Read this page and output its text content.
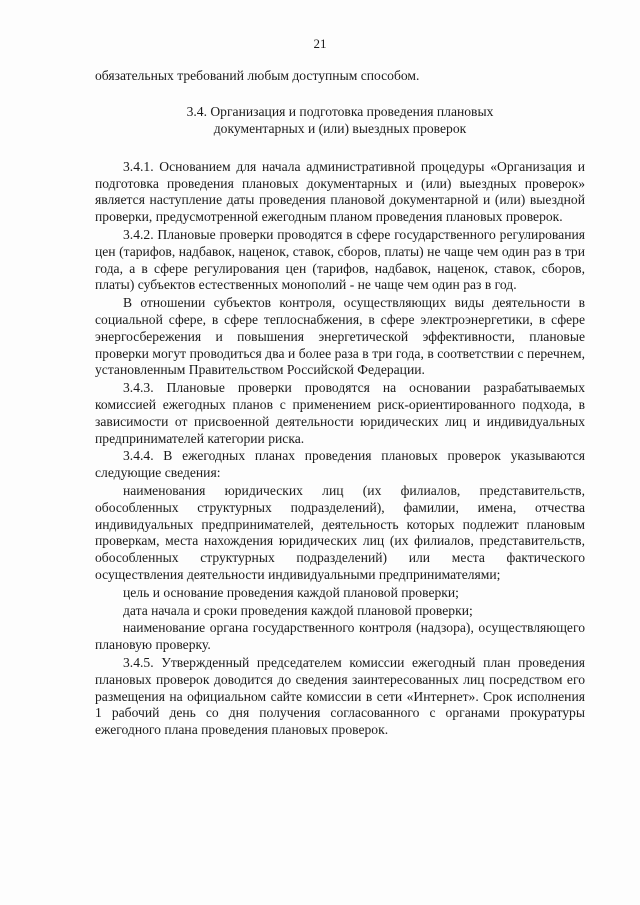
21

обязательных требований любым доступным способом.

3.4. Организация и подготовка проведения плановых
документарных и (или) выездных проверок

3.4.1. Основанием для начала административной процедуры «Организация и подготовка проведения плановых документарных и (или) выездных проверок» является наступление даты проведения плановой документарной и (или) выездной проверки, предусмотренной ежегодным планом проведения плановых проверок.

3.4.2. Плановые проверки проводятся в сфере государственного регулирования цен (тарифов, надбавок, наценок, ставок, сборов, платы) не чаще чем один раз в три года, а в сфере регулирования цен (тарифов, надбавок, наценок, ставок, сборов, платы) субъектов естественных монополий - не чаще чем один раз в год.

В отношении субъектов контроля, осуществляющих виды деятельности в социальной сфере, в сфере теплоснабжения, в сфере электроэнергетики, в сфере энергосбережения и повышения энергетической эффективности, плановые проверки могут проводиться два и более раза в три года, в соответствии с перечнем, установленным Правительством Российской Федерации.

3.4.3. Плановые проверки проводятся на основании разрабатываемых комиссией ежегодных планов с применением риск-ориентированного подхода, в зависимости от присвоенной деятельности юридических лиц и индивидуальных предпринимателей категории риска.

3.4.4. В ежегодных планах проведения плановых проверок указываются следующие сведения:

наименования юридических лиц (их филиалов, представительств, обособленных структурных подразделений), фамилии, имена, отчества индивидуальных предпринимателей, деятельность которых подлежит плановым проверкам, места нахождения юридических лиц (их филиалов, представительств, обособленных структурных подразделений) или места фактического осуществления деятельности индивидуальными предпринимателями;

цель и основание проведения каждой плановой проверки;

дата начала и сроки проведения каждой плановой проверки;

наименование органа государственного контроля (надзора), осуществляющего плановую проверку.

3.4.5. Утвержденный председателем комиссии ежегодный план проведения плановых проверок доводится до сведения заинтересованных лиц посредством его размещения на официальном сайте комиссии в сети «Интернет». Срок исполнения 1 рабочий день со дня получения согласованного с органами прокуратуры ежегодного плана проведения плановых проверок.
